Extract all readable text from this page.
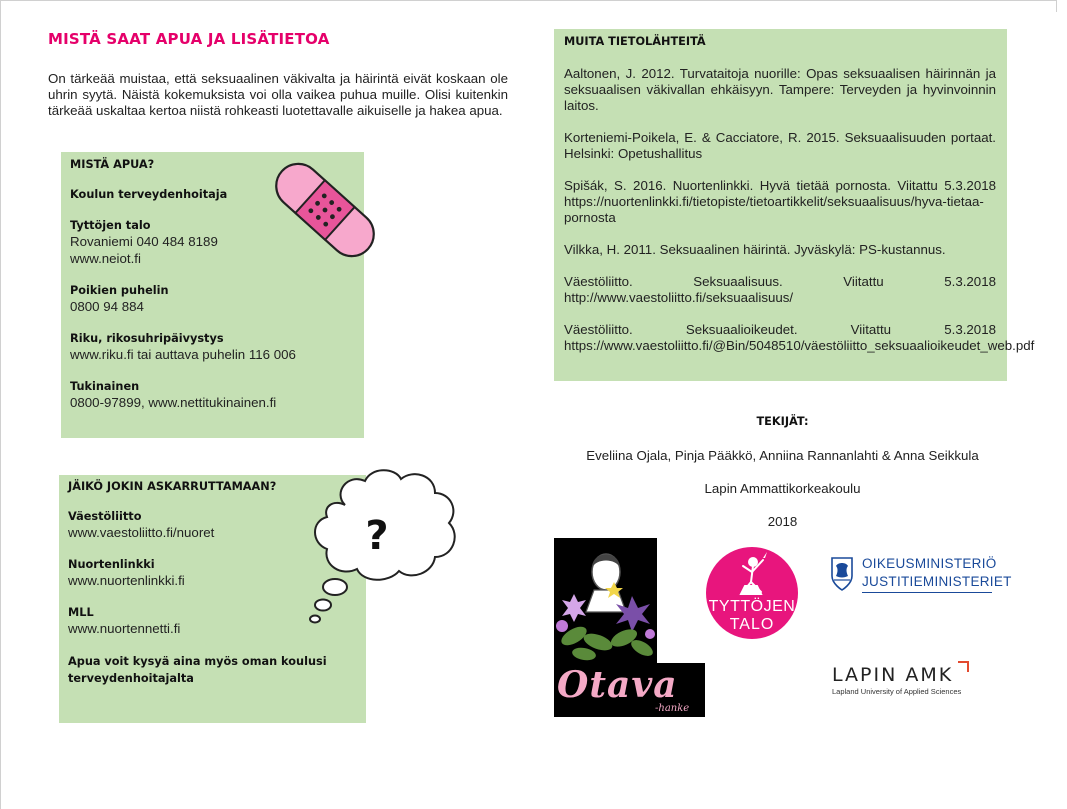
MISTÄ SAAT APUA JA LISÄTIETOA

On tärkeää muistaa, että seksuaalinen väkivalta ja häirintä eivät koskaan ole uhrin syytä. Näistä kokemuksista voi olla vaikea puhua muille. Olisi kuitenkin tärkeää uskaltaa kertoa niistä rohkeasti luotettavalle aikuiselle ja hakea apua.

MISTÄ APUA?
Koulun terveydenhoitaja
Tyttöjen talo
Rovaniemi 040 484 8189
www.neiot.fi
Poikien puhelin
0800 94 884
Riku, rikosuhripäivystys
www.riku.fi tai auttava puhelin 116 006
Tukinainen
0800-97899, www.nettitukinainen.fi
JÄIKÖ JOKIN ASKARRUTTAMAAN?
Väestöliitto
www.vaestoliitto.fi/nuoret
Nuortenlinkki
www.nuortenlinkki.fi
MLL
www.nuortennetti.fi
Apua voit kysyä aina myös oman koulusi terveydenhoitajalta
?
MUITA TIETOLÄHTEITÄ
Aaltonen, J. 2012. Turvataitoja nuorille: Opas seksuaalisen häirinnän ja seksuaalisen väkivallan ehkäisyyn. Tampere: Terveyden ja hyvinvoinnin laitos.
Korteniemi-Poikela, E. & Cacciatore, R. 2015. Seksuaalisuuden portaat. Helsinki: Opetushallitus
Spišák, S. 2016. Nuortenlinkki. Hyvä tietää pornosta. Viitattu 5.3.2018 https://nuortenlinkki.fi/tietopiste/tietoartikkelit/seksuaalisuus/hyva-tietaa-pornosta
Vilkka, H. 2011. Seksuaalinen häirintä. Jyväskylä: PS-kustannus.
Väestöliitto. Seksuaalisuus. Viitattu 5.3.2018 http://www.vaestoliitto.fi/seksuaalisuus/
Väestöliitto. Seksuaalioikeudet. Viitattu 5.3.2018 https://www.vaestoliitto.fi/@Bin/5048510/väestöliitto_seksuaalioikeudet_web.pdf
TEKIJÄT:
Eveliina Ojala, Pinja Pääkkö, Anniina Rannanlahti & Anna Seikkula
Lapin Ammattikorkeakoulu
2018
Otava
-hanke
TYTTÖJEN
TALO
OIKEUSMINISTERIÖ
JUSTITIEMINISTERIET
LAPIN AMK
Lapland University of Applied Sciences
